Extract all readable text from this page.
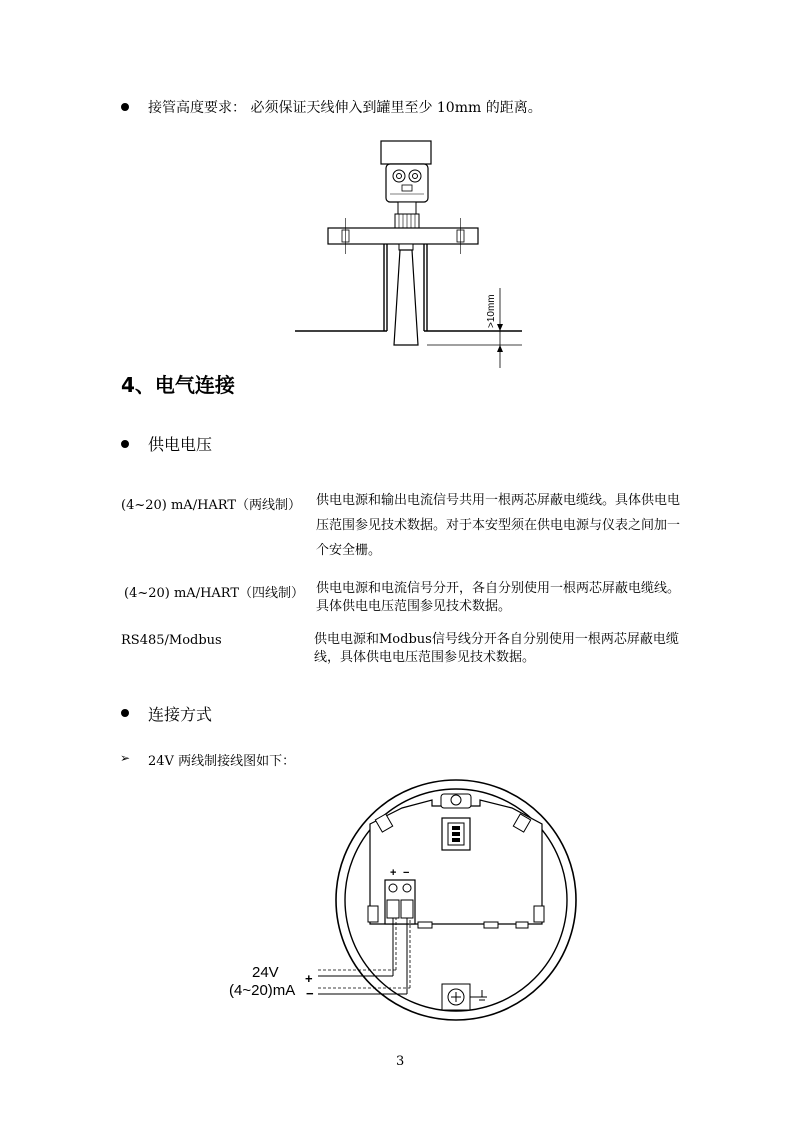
接管高度要求： 必须保证天线伸入到罐里至少 10mm 的距离。
>10mm
4、电气连接
供电电压
(4~20) mA/HART（两线制） 供电电源和输出电流信号共用一根两芯屏蔽电缆线。具体供电电压范围参见技术数据。对于本安型须在供电电源与仪表之间加一个安全栅。
(4~20) mA/HART（四线制） 供电电源和电流信号分开，各自分别使用一根两芯屏蔽电缆线。具体供电电压范围参见技术数据。
RS485/Modbus	供电电源和Modbus信号线分开各自分别使用一根两芯屏蔽电缆线，具体供电电压范围参见技术数据。
连接方式
➢ 24V 两线制接线图如下：
+ −
24V
(4~20)mA
+
−
3
